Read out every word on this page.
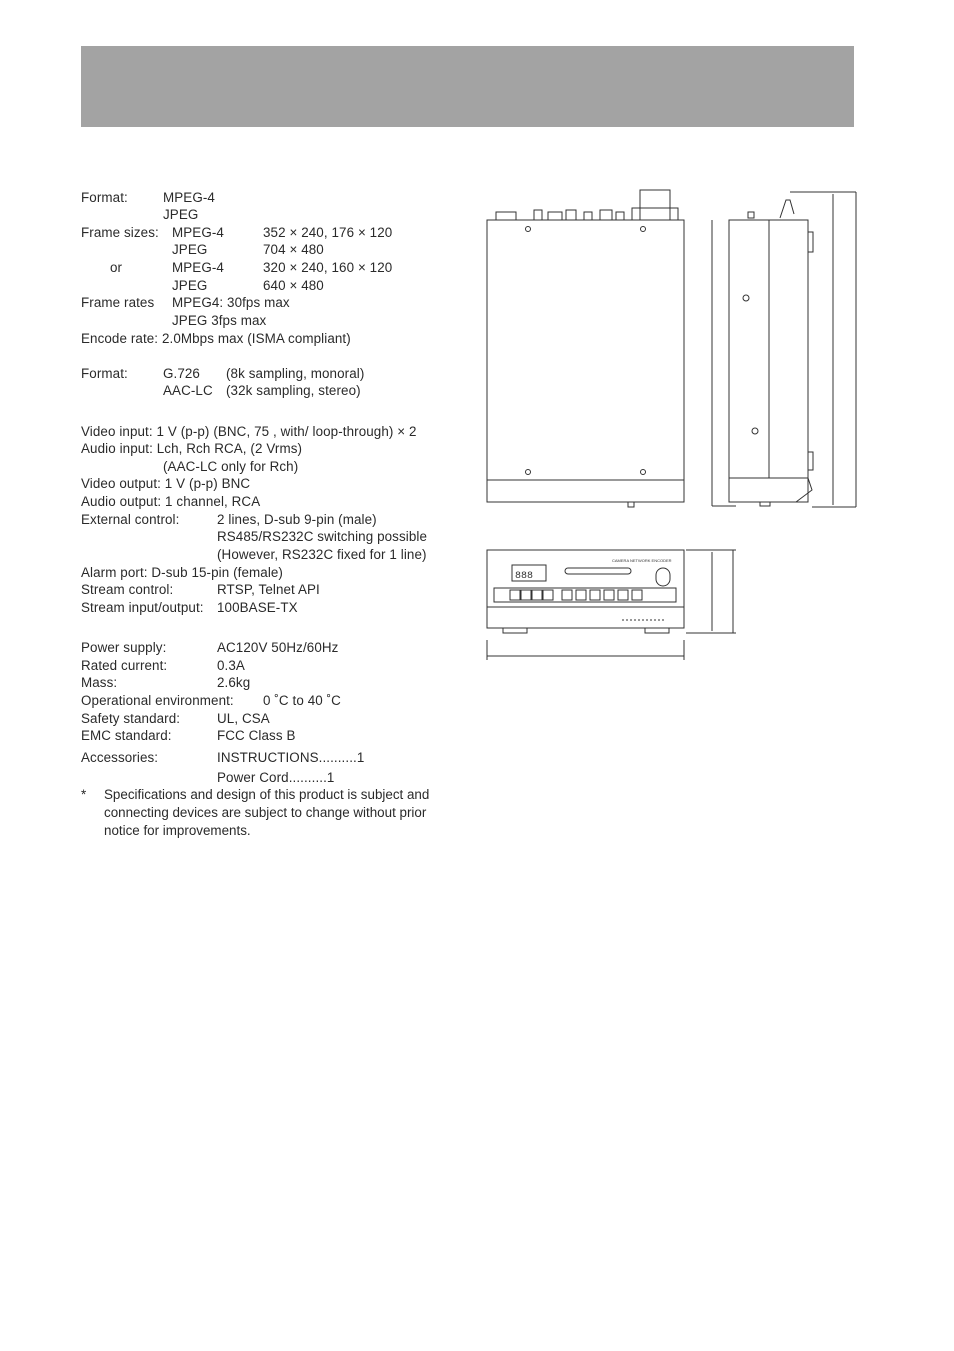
Format:	MPEG-4
JPEG
Frame sizes: MPEG-4	352 × 240, 176 × 120
JPEG	704 × 480
or	MPEG-4	320 × 240, 160 × 120
JPEG	640 × 480
Frame rates MPEG4: 30fps max
JPEG 3fps max
Encode rate: 2.0Mbps max (ISMA compliant)
Format:	G.726 (8k sampling, monoral)
AAC-LC (32k sampling, stereo)
Video input: 1 V (p-p) (BNC, 75 , with/ loop-through) × 2
Audio input: Lch, Rch RCA, (2 Vrms)
(AAC-LC only for Rch)
Video output: 1 V (p-p) BNC
Audio output: 1 channel, RCA
External control:	2 lines, D-sub 9-pin (male)
RS485/RS232C switching possible
(However, RS232C fixed for 1 line)
Alarm port: D-sub 15-pin (female)
Stream control:	RTSP, Telnet API
Stream input/output: 100BASE-TX
Power supply:	AC120V 50Hz/60Hz
Rated current:	0.3A
Mass:	2.6kg
Operational environment: 0 ˚C to 40 ˚C
Safety standard:	UL, CSA
EMC standard:	FCC Class B
Accessories:	INSTRUCTIONS..........1
Power Cord..........1
* Specifications and design of this product is subject and connecting devices are subject to change without prior notice for improvements.
888
CAMERA NETWORK ENCODER
